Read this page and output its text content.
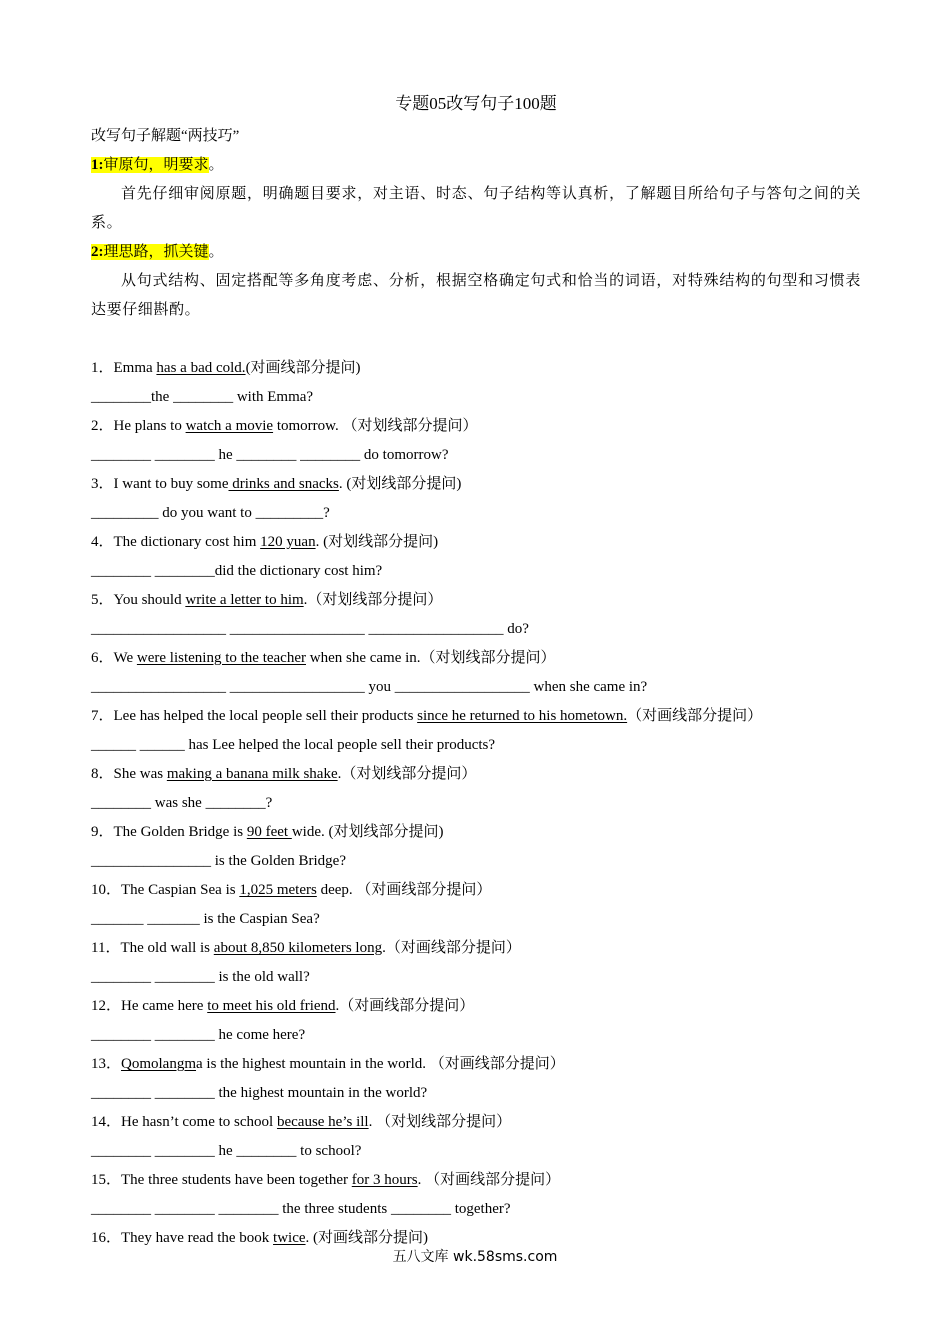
专题05改写句子100题
改写句子解题“两技巧”
1:审原句，明要求。
首先仔细审阅原题，明确题目要求，对主语、时态、句子结构等认真析，了解题目所给句子与答句之间的关系。
2:理思路，抓关键。
从句式结构、固定搭配等多角度考虑、分析，根据空格确定句式和恰当的词语，对特殊结构的句型和习惯表达要仔细斟酌。
1．Emma has a bad cold.(对画线部分提问)
________the ________ with Emma?
2．He plans to watch a movie tomorrow. （对划线部分提问）
________ ________ he ________ ________ do tomorrow?
3．I want to buy some drinks and snacks. (对划线部分提问)
_________ do you want to _________?
4．The dictionary cost him 120 yuan. (对划线部分提问)
________ ________did the dictionary cost him?
5．You should write a letter to him.（对划线部分提问）
__________________ __________________ __________________ do?
6．We were listening to the teacher when she came in.（对划线部分提问）
__________________ __________________ you __________________ when she came in?
7．Lee has helped the local people sell their products since he returned to his hometown.（对画线部分提问）
______ ______ has Lee helped the local people sell their products?
8．She was making a banana milk shake.（对划线部分提问）
________ was she ________?
9．The Golden Bridge is 90 feet wide. (对划线部分提问)
________________ is the Golden Bridge?
10．The Caspian Sea is 1,025 meters deep. （对画线部分提问）
_______ _______ is the Caspian Sea?
11．The old wall is about 8,850 kilometers long.（对画线部分提问）
________ ________ is the old wall?
12．He came here to meet his old friend.（对画线部分提问）
________ ________ he come here?
13．Qomolangma is the highest mountain in the world. （对画线部分提问）
________ ________ the highest mountain in the world?
14．He hasn’t come to school because he’s ill. （对划线部分提问）
________ ________ he ________ to school?
15．The three students have been together for 3 hours. （对画线部分提问）
________ ________ ________ the three students ________ together?
16．They have read the book twice. (对画线部分提问)
五八文库 wk.58sms.com
